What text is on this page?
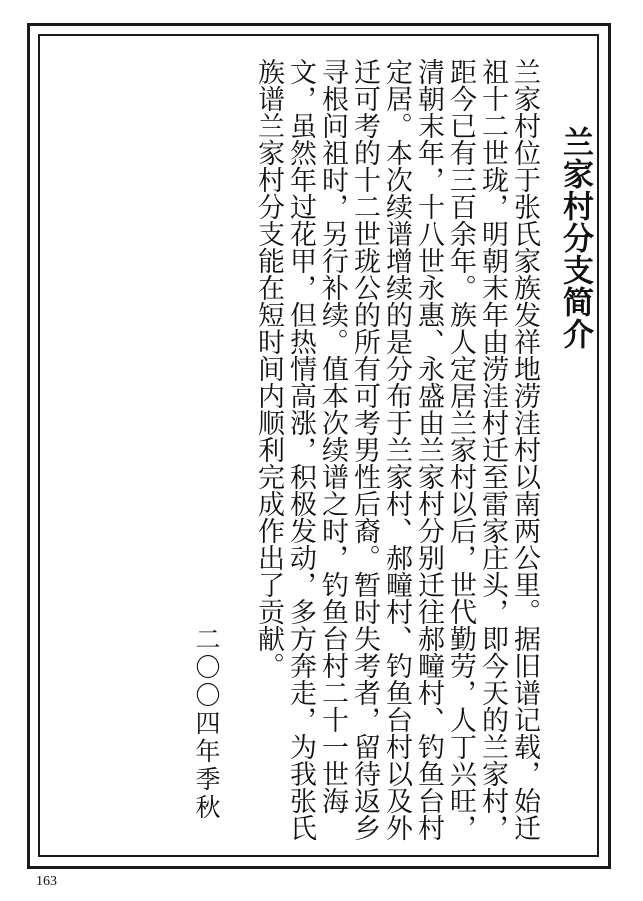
兰家村分支简介
兰家村位于张氏家族发祥地涝洼村以南两公里。据旧谱记载，始迁祖十二世珑，明朝末年由涝洼村迁至雷家庄头，即今天的兰家村，距今已有三百余年。族人定居兰家村以后，世代勤劳，人丁兴旺，清朝末年，十八世永惠、永盛由兰家村分别迁往郝疃村、钓鱼台村定居。本次续谱增续的是分布于兰家村、郝疃村、钓鱼台村以及外迁可考的十二世珑公的所有可考男性后裔。暂时失考者，留待返乡寻根问祖时，另行补续。值本次续谱之时，钓鱼台村二十一世海文，虽然年过花甲，但热情高涨，积极发动，多方奔走，为我张氏族谱兰家村分支能在短时间内顺利完成作出了贡献。
二〇〇四年季秋
163
